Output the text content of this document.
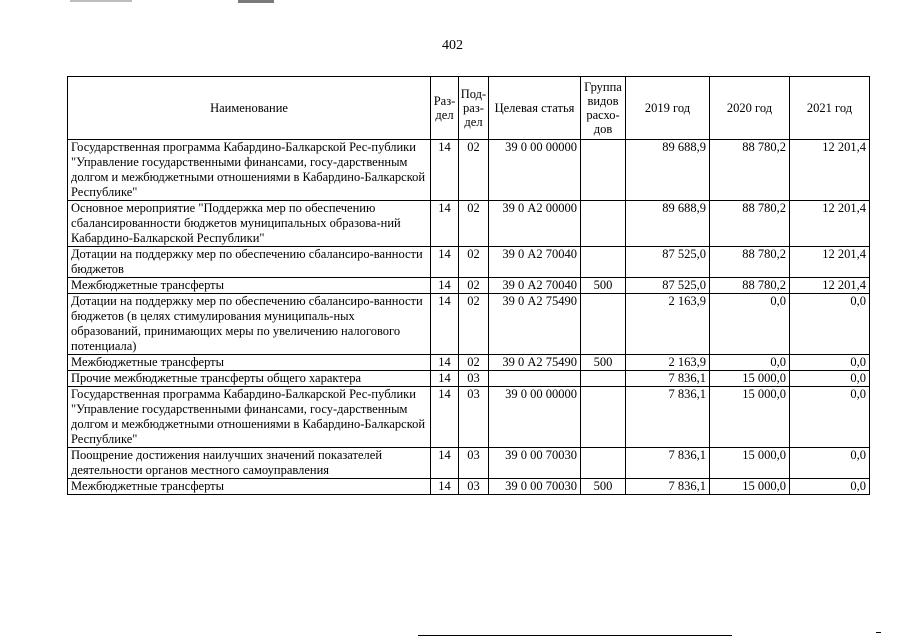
402
Наименование	Раз-дел	Под-раз-дел	Целевая статья	Группа видов расхо-дов	2019 год	2020 год	2021 год
Государственная программа Кабардино-Балкарской Рес-публики "Управление государственными финансами, госу-дарственным долгом и межбюджетными отношениями в Кабардино-Балкарской Республике"	14	02	39 0 00 00000		89 688,9	88 780,2	12 201,4
Основное мероприятие "Поддержка мер по обеспечению сбалансированности бюджетов муниципальных образова-ний Кабардино-Балкарской Республики"	14	02	39 0 А2 00000		89 688,9	88 780,2	12 201,4
Дотации на поддержку мер по обеспечению сбалансиро-ванности бюджетов	14	02	39 0 А2 70040		87 525,0	88 780,2	12 201,4
Межбюджетные трансферты	14	02	39 0 А2 70040	500	87 525,0	88 780,2	12 201,4
Дотации на поддержку мер по обеспечению сбалансиро-ванности бюджетов (в целях стимулирования муниципаль-ных образований, принимающих меры по увеличению налогового потенциала)	14	02	39 0 А2 75490		2 163,9	0,0	0,0
Межбюджетные трансферты	14	02	39 0 А2 75490	500	2 163,9	0,0	0,0
Прочие межбюджетные трансферты общего характера	14	03			7 836,1	15 000,0	0,0
Государственная программа Кабардино-Балкарской Рес-публики "Управление государственными финансами, госу-дарственным долгом и межбюджетными отношениями в Кабардино-Балкарской Республике"	14	03	39 0 00 00000		7 836,1	15 000,0	0,0
Поощрение достижения наилучших значений показателей деятельности органов местного самоуправления	14	03	39 0 00 70030		7 836,1	15 000,0	0,0
Межбюджетные трансферты	14	03	39 0 00 70030	500	7 836,1	15 000,0	0,0
